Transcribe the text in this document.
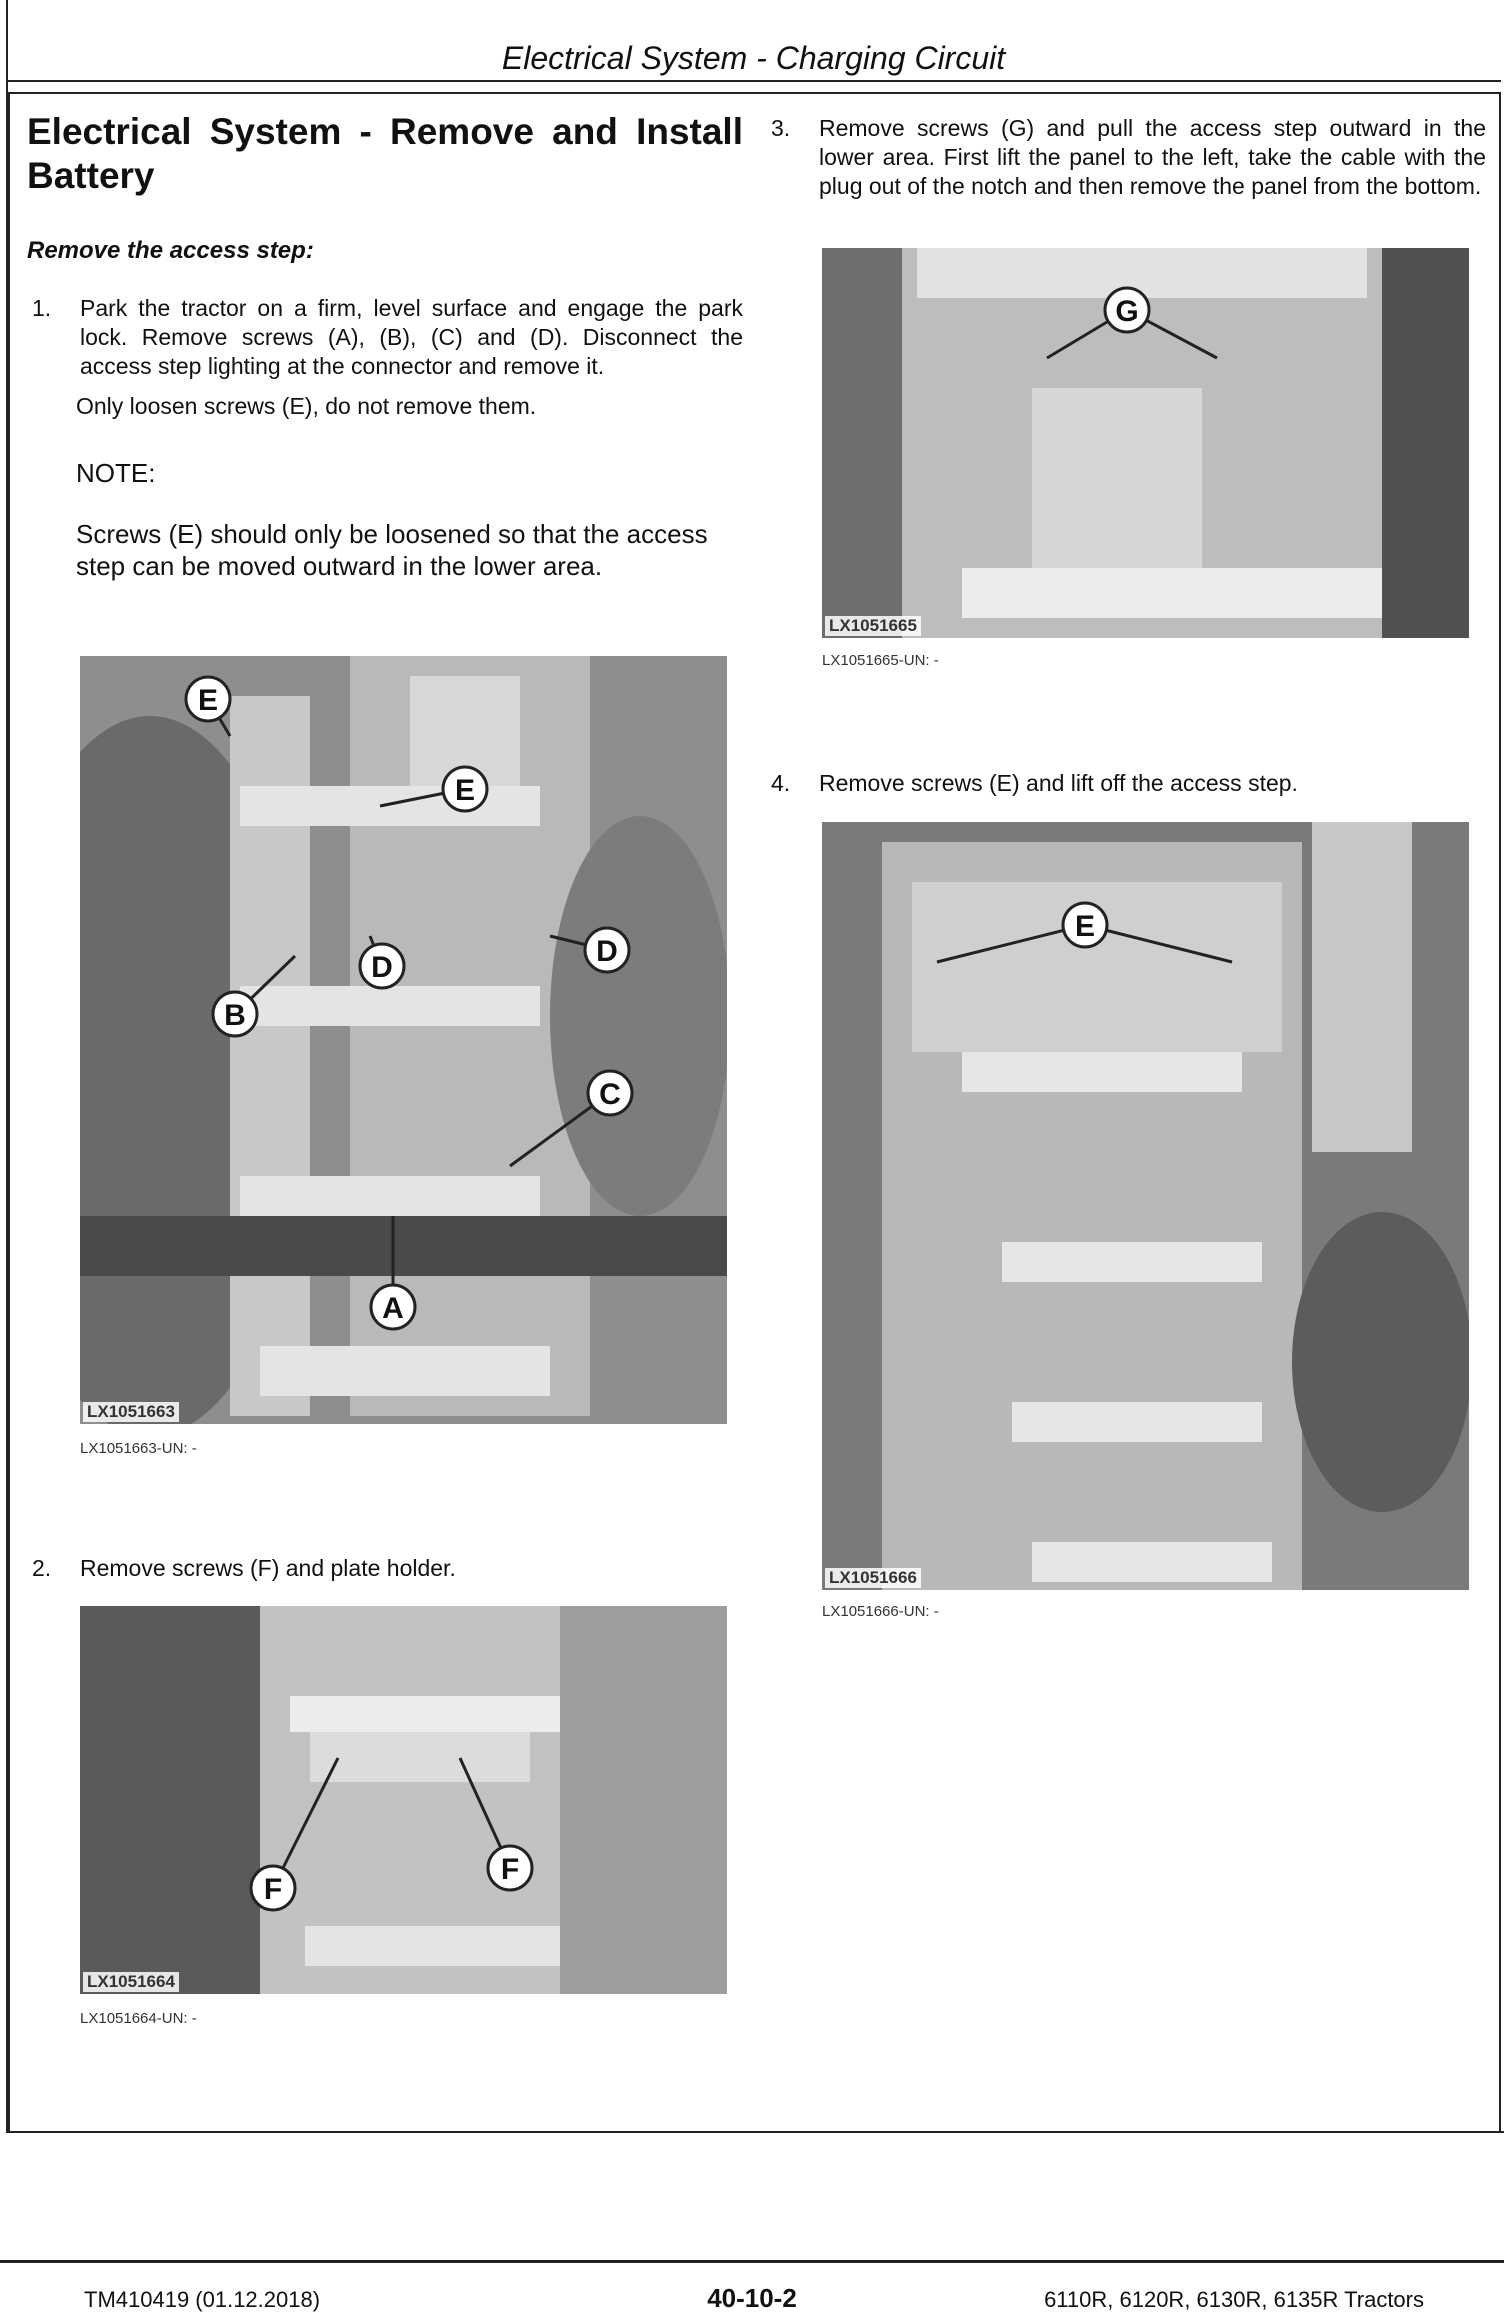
Electrical System - Charging Circuit
Electrical System - Remove and Install
Battery
Remove the access step:
1. Park the tractor on a firm, level surface and engage the park lock. Remove screws (A), (B), (C) and (D). Disconnect the access step lighting at the connector and remove it.
Only loosen screws (E), do not remove them.
NOTE:
Screws (E) should only be loosened so that the access step can be moved outward in the lower area.
E
E
D	D
B
C
A
LX1051663
LX1051663-UN: -
2. Remove screws (F) and plate holder.
F
F
LX1051664
LX1051664-UN: -
3. Remove screws (G) and pull the access step outward in the lower area. First lift the panel to the left, take the cable with the plug out of the notch and then remove the panel from the bottom.
G
LX1051665
LX1051665-UN: -
4. Remove screws (E) and lift off the access step.
E
LX1051666
LX1051666-UN: -
TM410419 (01.12.2018)	40-10-2	6110R, 6120R, 6130R, 6135R Tractors
